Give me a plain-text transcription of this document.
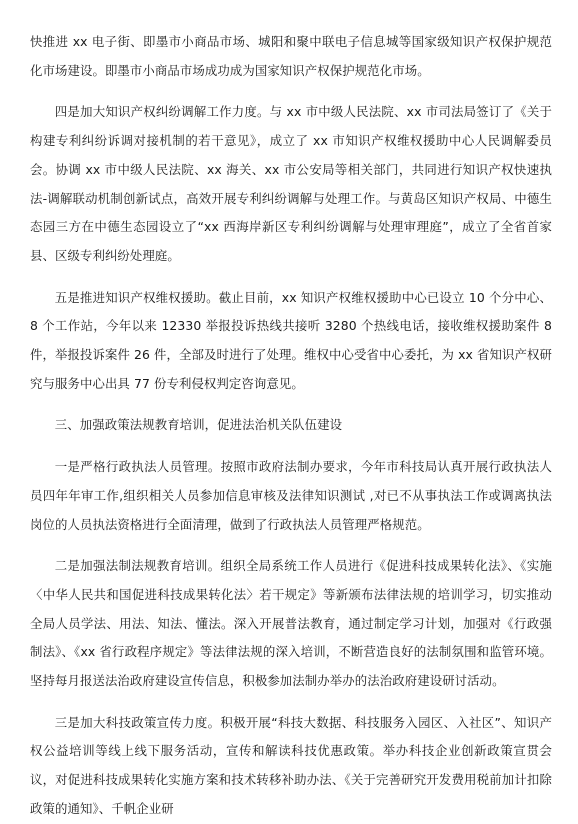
快推进 xx 电子街、即墨市小商品市场、城阳和聚中联电子信息城等国家级知识产权保护规范化市场建设。即墨市小商品市场成功成为国家知识产权保护规范化市场。

四是加大知识产权纠纷调解工作力度。与 xx 市中级人民法院、xx 市司法局签订了《关于构建专利纠纷诉调对接机制的若干意见》，成立了 xx 市知识产权维权援助中心人民调解委员会。协调 xx 市中级人民法院、xx 海关、xx 市公安局等相关部门，共同进行知识产权快速执法-调解联动机制创新试点，高效开展专利纠纷调解与处理工作。与黄岛区知识产权局、中德生态园三方在中德生态园设立了“xx 西海岸新区专利纠纷调解与处理审理庭”，成立了全省首家县、区级专利纠纷处理庭。

五是推进知识产权维权援助。截止目前，xx 知识产权维权援助中心已设立 10 个分中心、8 个工作站，今年以来 12330 举报投诉热线共接听 3280 个热线电话，接收维权援助案件 8 件，举报投诉案件 26 件，全部及时进行了处理。维权中心受省中心委托，为 xx 省知识产权研究与服务中心出具 77 份专利侵权判定咨询意见。

三、加强政策法规教育培训，促进法治机关队伍建设

一是严格行政执法人员管理。按照市政府法制办要求，今年市科技局认真开展行政执法人员四年年审工作,组织相关人员参加信息审核及法律知识测试 ,对已不从事执法工作或调离执法岗位的人员执法资格进行全面清理，做到了行政执法人员管理严格规范。

二是加强法制法规教育培训。组织全局系统工作人员进行《促进科技成果转化法》、《实施〈中华人民共和国促进科技成果转化法〉若干规定》等新颁布法律法规的培训学习，切实推动全局人员学法、用法、知法、懂法。深入开展普法教育，通过制定学习计划，加强对《行政强制法》、《xx 省行政程序规定》等法律法规的深入培训，不断营造良好的法制氛围和监管环境。坚持每月报送法治政府建设宣传信息，积极参加法制办举办的法治政府建设研讨活动。

三是加大科技政策宣传力度。积极开展“科技大数据、科技服务入园区、入社区”、知识产权公益培训等线上线下服务活动，宣传和解读科技优惠政策。举办科技企业创新政策宣贯会议，对促进科技成果转化实施方案和技术转移补助办法、《关于完善研究开发费用税前加计扣除政策的通知》、千帆企业研
